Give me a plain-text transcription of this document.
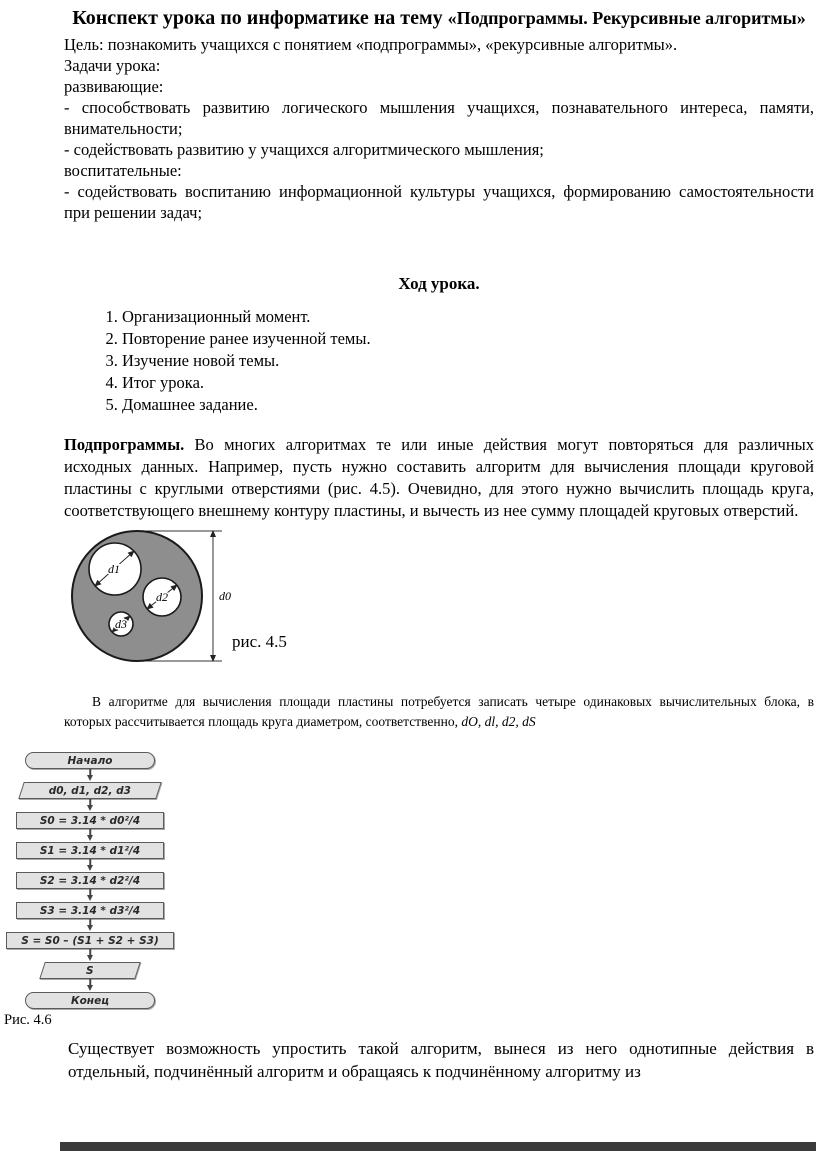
Конспект урока по информатике на тему «Подпрограммы. Рекурсивные алгоритмы»

Цель: познакомить учащихся с понятием «подпрограммы», «рекурсивные алгоритмы».

Задачи урока:

развивающие:

- способствовать развитию логического мышления учащихся, познавательного интереса, памяти, внимательности;

- содействовать развитию у учащихся алгоритмического мышления;

воспитательные:

- содействовать воспитанию информационной культуры учащихся, формированию самостоятельности при решении задач;

Ход урока.
1. Организационный момент.
2. Повторение ранее изученной темы.
3. Изучение новой темы.
4. Итог урока.
5. Домашнее задание.

Подпрограммы. Во многих алгоритмах те или иные действия могут повторяться для различных исходных данных. Например, пусть нужно составить алгоритм для вычисления площади круговой пластины с круглыми отверстиями (рис. 4.5). Очевидно, для этого нужно вычислить площадь круга, соответствующего внешнему контуру пластины, и вычесть из нее сумму площадей круговых отверстий.

d1
d2
d3
d0
рис. 4.5

В алгоритме для вычисления площади пластины потребуется записать четыре одинаковых вычислительных блока, в которых рассчитывается площадь круга диаметром, соответственно, dO, dl, d2, dS

Начало
d0, d1, d2, d3
S0 = 3.14 * d0²/4
S1 = 3.14 * d1²/4
S2 = 3.14 * d2²/4
S3 = 3.14 * d3²/4
S = S0 – (S1 + S2 + S3)
S
Конец
Рис. 4.6

Существует возможность упростить такой алгоритм, вынеся из него однотипные действия в отдельный, подчинённый алгоритм и обращаясь к подчинённому алгоритму из
